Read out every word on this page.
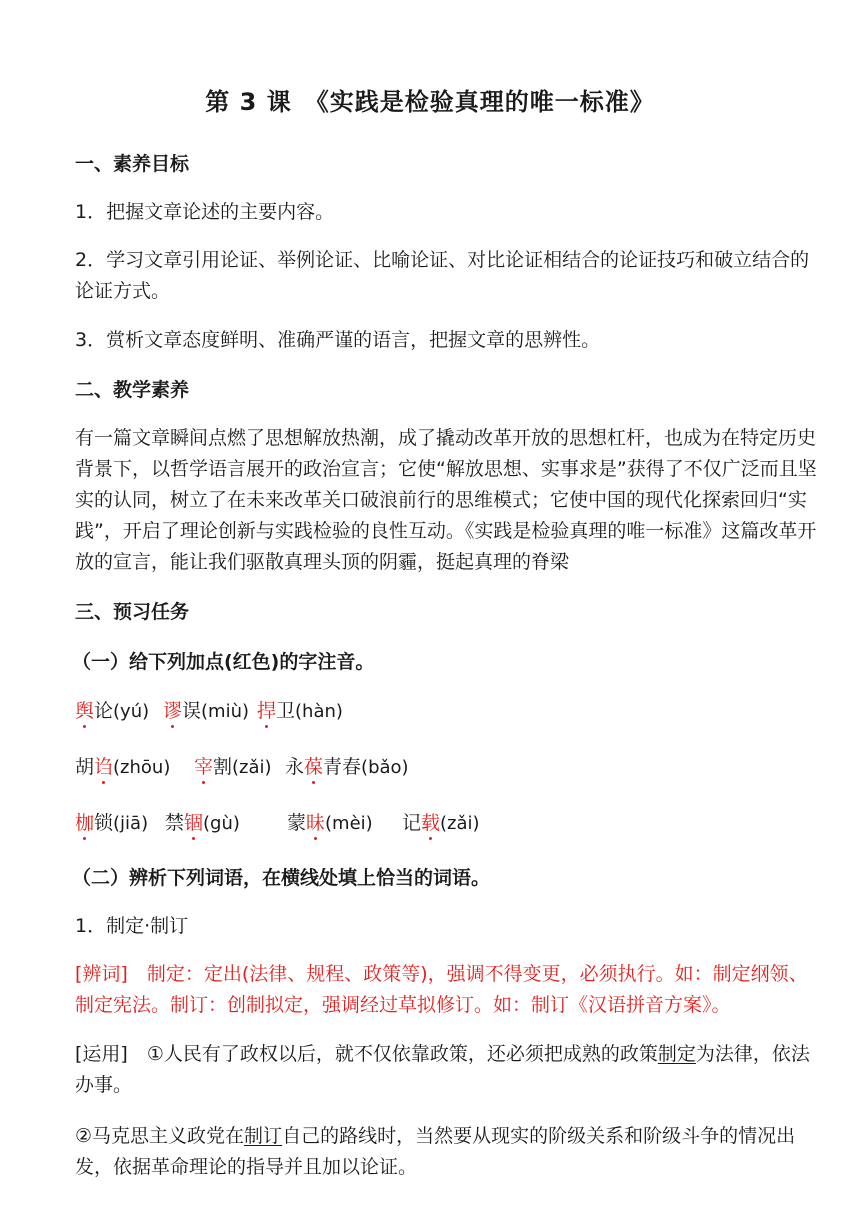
第 3 课　《实践是检验真理的唯一标准》
一、素养目标
1．把握文章论述的主要内容。
2．学习文章引用论证、举例论证、比喻论证、对比论证相结合的论证技巧和破立结合的论证方式。
3．赏析文章态度鲜明、准确严谨的语言，把握文章的思辨性。
二、教学素养
有一篇文章瞬间点燃了思想解放热潮，成了撬动改革开放的思想杠杆，也成为在特定历史背景下，以哲学语言展开的政治宣言；它使“解放思想、实事求是”获得了不仅广泛而且坚实的认同，树立了在未来改革关口破浪前行的思维模式；它使中国的现代化探索回归“实践”，开启了理论创新与实践检验的良性互动。《实践是检验真理的唯一标准》这篇改革开放的宣言，能让我们驱散真理头顶的阴霾，挺起真理的脊梁
三、预习任务
（一）给下列加点(红色)的字注音。
舆论(yú) 谬误(miù) 捍卫(hàn)
胡诌(zhōu) 宰割(zǎi) 永葆青春(bǎo)
枷锁(jiā) 禁锢(gù) 蒙昧(mèi) 记载(zǎi)
（二）辨析下列词语，在横线处填上恰当的词语。
1．制定·制订
[辨词]　制定：定出(法律、规程、政策等)，强调不得变更，必须执行。如：制定纲领、制定宪法。制订：创制拟定，强调经过草拟修订。如：制订《汉语拼音方案》。
[运用]　①人民有了政权以后，就不仅依靠政策，还必须把成熟的政策制定为法律，依法办事。
②马克思主义政党在制订自己的路线时，当然要从现实的阶级关系和阶级斗争的情况出发，依据革命理论的指导并且加以论证。
